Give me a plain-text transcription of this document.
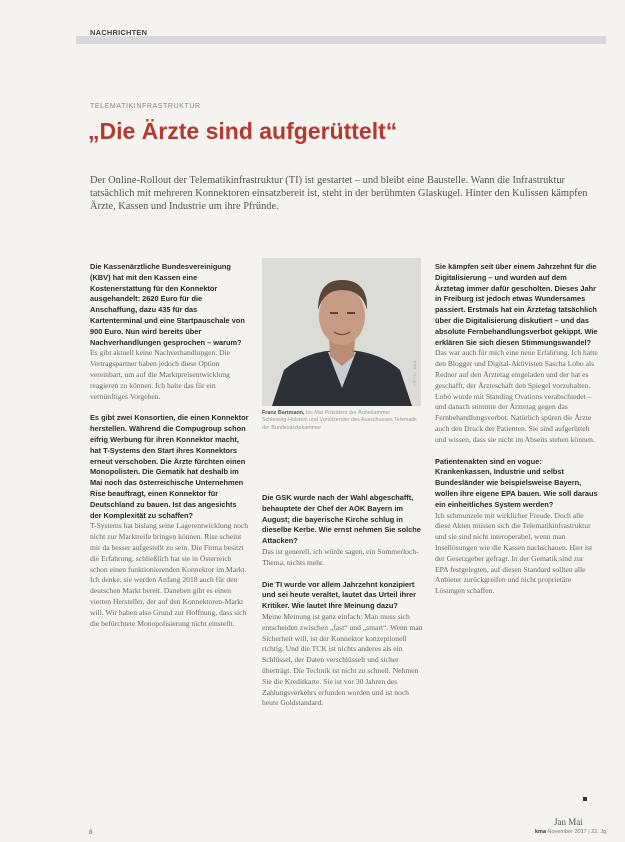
NACHRICHTEN
TELEMATIKINFRASTRUKTUR
„Die Ärzte sind aufgerüttelt“
Der Online-Rollout der Telematikinfrastruktur (TI) ist gestartet – und bleibt eine Baustelle. Wann die Infrastruktur tatsächlich mit mehreren Konnektoren einsatzbereit ist, steht in der berühmten Glaskugel. Hinter den Kulissen kämpfen Ärzte, Kassen und Industrie um ihre Pfründe.
Die Kassenärztliche Bundesvereinigung (KBV) hat mit den Kassen eine Kostenerstattung für den Konnektor ausgehandelt: 2620 Euro für die Anschaffung, dazu 435 für das Kartenterminal und eine Startpauschale von 900 Euro. Nun wird bereits über Nachverhandlungen gesprochen – warum?
Es gibt aktuell keine Nachverhandlungen. Die Vertragspartner haben jedoch diese Option vereinbart, um auf die Marktpreisentwicklung reagieren zu können. Ich halte das für ein vernünftiges Vorgehen.
Es gibt zwei Konsortien, die einen Konnektor herstellen. Während die Compugroup schon eifrig Werbung für ihren Konnektor macht, hat T-Systems den Start ihres Konnektors erneut verschoben. Die Ärzte fürchten einen Monopolisten. Die Gematik hat deshalb im Mai noch das österreichische Unternehmen Rise beauftragt, einen Konnektor für Deutschland zu bauen. Ist das angesichts der Komplexität zu schaffen?
T-Systems hat bislang seine Lagerentwicklung noch nicht zur Marktreife bringen können. Rise scheint mir da besser aufgestellt zu sein. Die Firma besitzt die Erfahrung, schließlich hat sie in Österreich schon einen funktionierenden Konnektor im Markt. Ich denke, sie werden Anfang 2018 auch für den deutschen Markt bereit. Daneben gibt es einen vierten Hersteller, der auf den Konnektoren-Markt will. Wir haben also Grund zur Hoffnung, dass sich die befürchtete Monopolisierung nicht einstellt.
FOTO: BÄK
Franz Bartmann, bis Mai Präsident der Ärztekammer Schleswig-Holstein und Vorsitzender des Ausschusses Telematik der Bundesärztekammer
Die GSK wurde nach der Wahl abgeschafft, behauptete der Chef der AOK Bayern im August; die bayerische Kirche schlug in dieselbe Kerbe. Wie ernst nehmen Sie solche Attacken?
Das ist generell, ich würde sagen, ein Sommerloch-Thema, nichts mehr.
Die TI wurde vor allem Jahrzehnt konzipiert und sei heute veraltet, lautet das Urteil ihrer Kritiker. Wie lautet Ihre Meinung dazu?
Meine Meinung ist ganz einfach: Man muss sich entscheiden zwischen „fast“ und „smart“. Wenn man Sicherheit will, ist der Konnektor konzeptionell richtig. Und die TCK ist nichts anderes als ein Schlüssel, der Daten verschlüsselt und sicher überträgt. Die Technik ist nicht zu schnell. Nehmen Sie die Kreditkarte. Sie ist vor 30 Jahren des Zahlungsverkehrs erfunden worden und ist noch heute Goldstandard.
Sie kämpfen seit über einem Jahrzehnt für die Digitalisierung – und wurden auf dem Ärztetag immer dafür gescholten. Dieses Jahr in Freiburg ist jedoch etwas Wundersames passiert. Erstmals hat ein Ärztetag tatsächlich über die Digitalisierung diskutiert – und das absolute Fernbehandlungsverbot gekippt. Wie erklären Sie sich diesen Stimmungswandel?
Das war auch für mich eine neue Erfahrung. Ich hatte den Blogger und Digital-Aktivisten Sascha Lobo als Redner auf den Ärztetag eingeladen und der hat es geschafft, der Ärzteschaft den Spiegel vorzuhalten. Lobo wurde mit Standing Ovations verabschiedet – und danach stimmte der Ärztetag gegen das Fernbehandlungsverbot. Natürlich spüren die Ärzte auch den Druck der Patienten. Sie sind aufgerüttelt und wissen, dass sie nicht im Abseits stehen können.
Patientenakten sind en vogue: Krankenkassen, Industrie und selbst Bundesländer wie beispielsweise Bayern, wollen ihre eigene EPA bauen. Wie soll daraus ein einheitliches System werden?
Ich schmunzele mit wirklicher Freude. Doch alle diese Akten müssen sich die Telematikinfrastruktur und sie sind nicht interoperabel, wenn man Insellösungen wie die Kassen nachschauen. Hier ist der Gesetzgeber gefragt. In der Gematik sind zur EPA festgelegten, auf diesen Standard sollten alle Anbieter zurückgreifen und nicht proprietäre Lösungen schaffen.
Jan Mai
8	kma November 2017 | 22. Jg.
